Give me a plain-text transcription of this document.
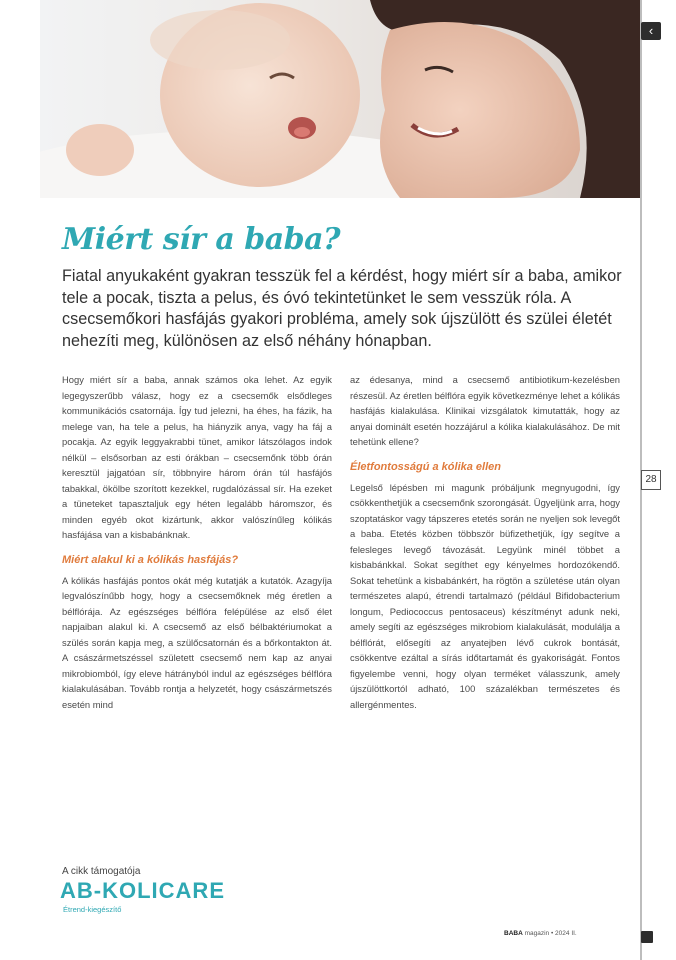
Miért sír a baba?

Fiatal anyukaként gyakran tesszük fel a kérdést, hogy miért sír a baba, amikor tele a pocak, tiszta a pelus, és óvó tekintetünket le sem vesszük róla. A csecsemőkori hasfájás gyakori probléma, amely sok újszülött és szülei életét nehezíti meg, különösen az első néhány hónapban.

Hogy miért sír a baba, annak számos oka lehet. Az egyik legegyszerűbb válasz, hogy ez a csecsemők elsődleges kommunikációs csatornája. Így tud jelezni, ha éhes, ha fázik, ha melege van, ha tele a pelus, ha hiányzik anya, vagy ha fáj a pocakja. Az egyik leggyakrabbi tünet, amikor látszólagos indok nélkül – elsősorban az esti órákban – csecsemőnk több órán keresztül jajgatóan sír, többnyire három órán túl hasfájós tabakkal, ökölbe szorított kezekkel, rugdalózással sír. Ha ezeket a tüneteket tapasztaljuk egy héten legalább háromszor, és minden egyéb okot kizártunk, akkor valószínűleg kólikás hasfájása van a kisbabánknak.

Miért alakul ki a kólikás hasfájás?

A kólikás hasfájás pontos okát még kutatják a kutatók. Azagyíja legvalószínűbb hogy, hogy a csecsemőknek még éretlen a bélflórája. Az egészséges bélflóra felépülése az első élet napjaiban alakul ki. A csecsemő az első bélbaktériumokat a szülés során kapja meg, a szülőcsatornán és a bőrkontakton át. A császármetszéssel született csecsemő nem kap az anyai mikrobiomból, így eleve hátrányból indul az egészséges bélflóra kialakulásában. Tovább rontja a helyzetét, hogy császármetszés esetén mind

az édesanya, mind a csecsemő antibiotikum-kezelésben részesül. Az éretlen bélflóra egyik következménye lehet a kólikás hasfájás kialakulása. Klinikai vizsgálatok kimutatták, hogy az anyai dominált esetén hozzájárul a kólika kialakulásához. De mit tehetünk ellene?

Életfontosságú a kólika ellen

Legelső lépésben mi magunk próbáljunk megnyugodni, így csökkenthetjük a csecsemőnk szorongását. Ügyeljünk arra, hogy szoptatáskor vagy tápszeres etetés során ne nyeljen sok levegőt a baba. Etetés közben többször büfizethetjük, így segítve a felesleges levegő távozását. Legyünk minél többet a kisbabánkkal. Sokat segíthet egy kényelmes hordozókendő. Sokat tehetünk a kisbabánkért, ha rögtön a születése után olyan természetes alapú, étrendi tartalmazó (például Bifidobacterium longum, Pediococcus pentosaceus) készítményt adunk neki, amely segíti az egészséges mikrobiom kialakulását, modulálja a bélflórát, elősegíti az anyatejben lévő cukrok bontását, csökkentve ezáltal a sírás időtartamát és gyakoriságát. Fontos figyelembe venni, hogy olyan terméket válasszunk, amely újszülöttkortól adható, 100 százalékban természetes és allergénmentes.

A cikk támogatója
AB-KOLICARE
Étrend-kiegészítő
BABA magazin • 2024 II.
‹
28
